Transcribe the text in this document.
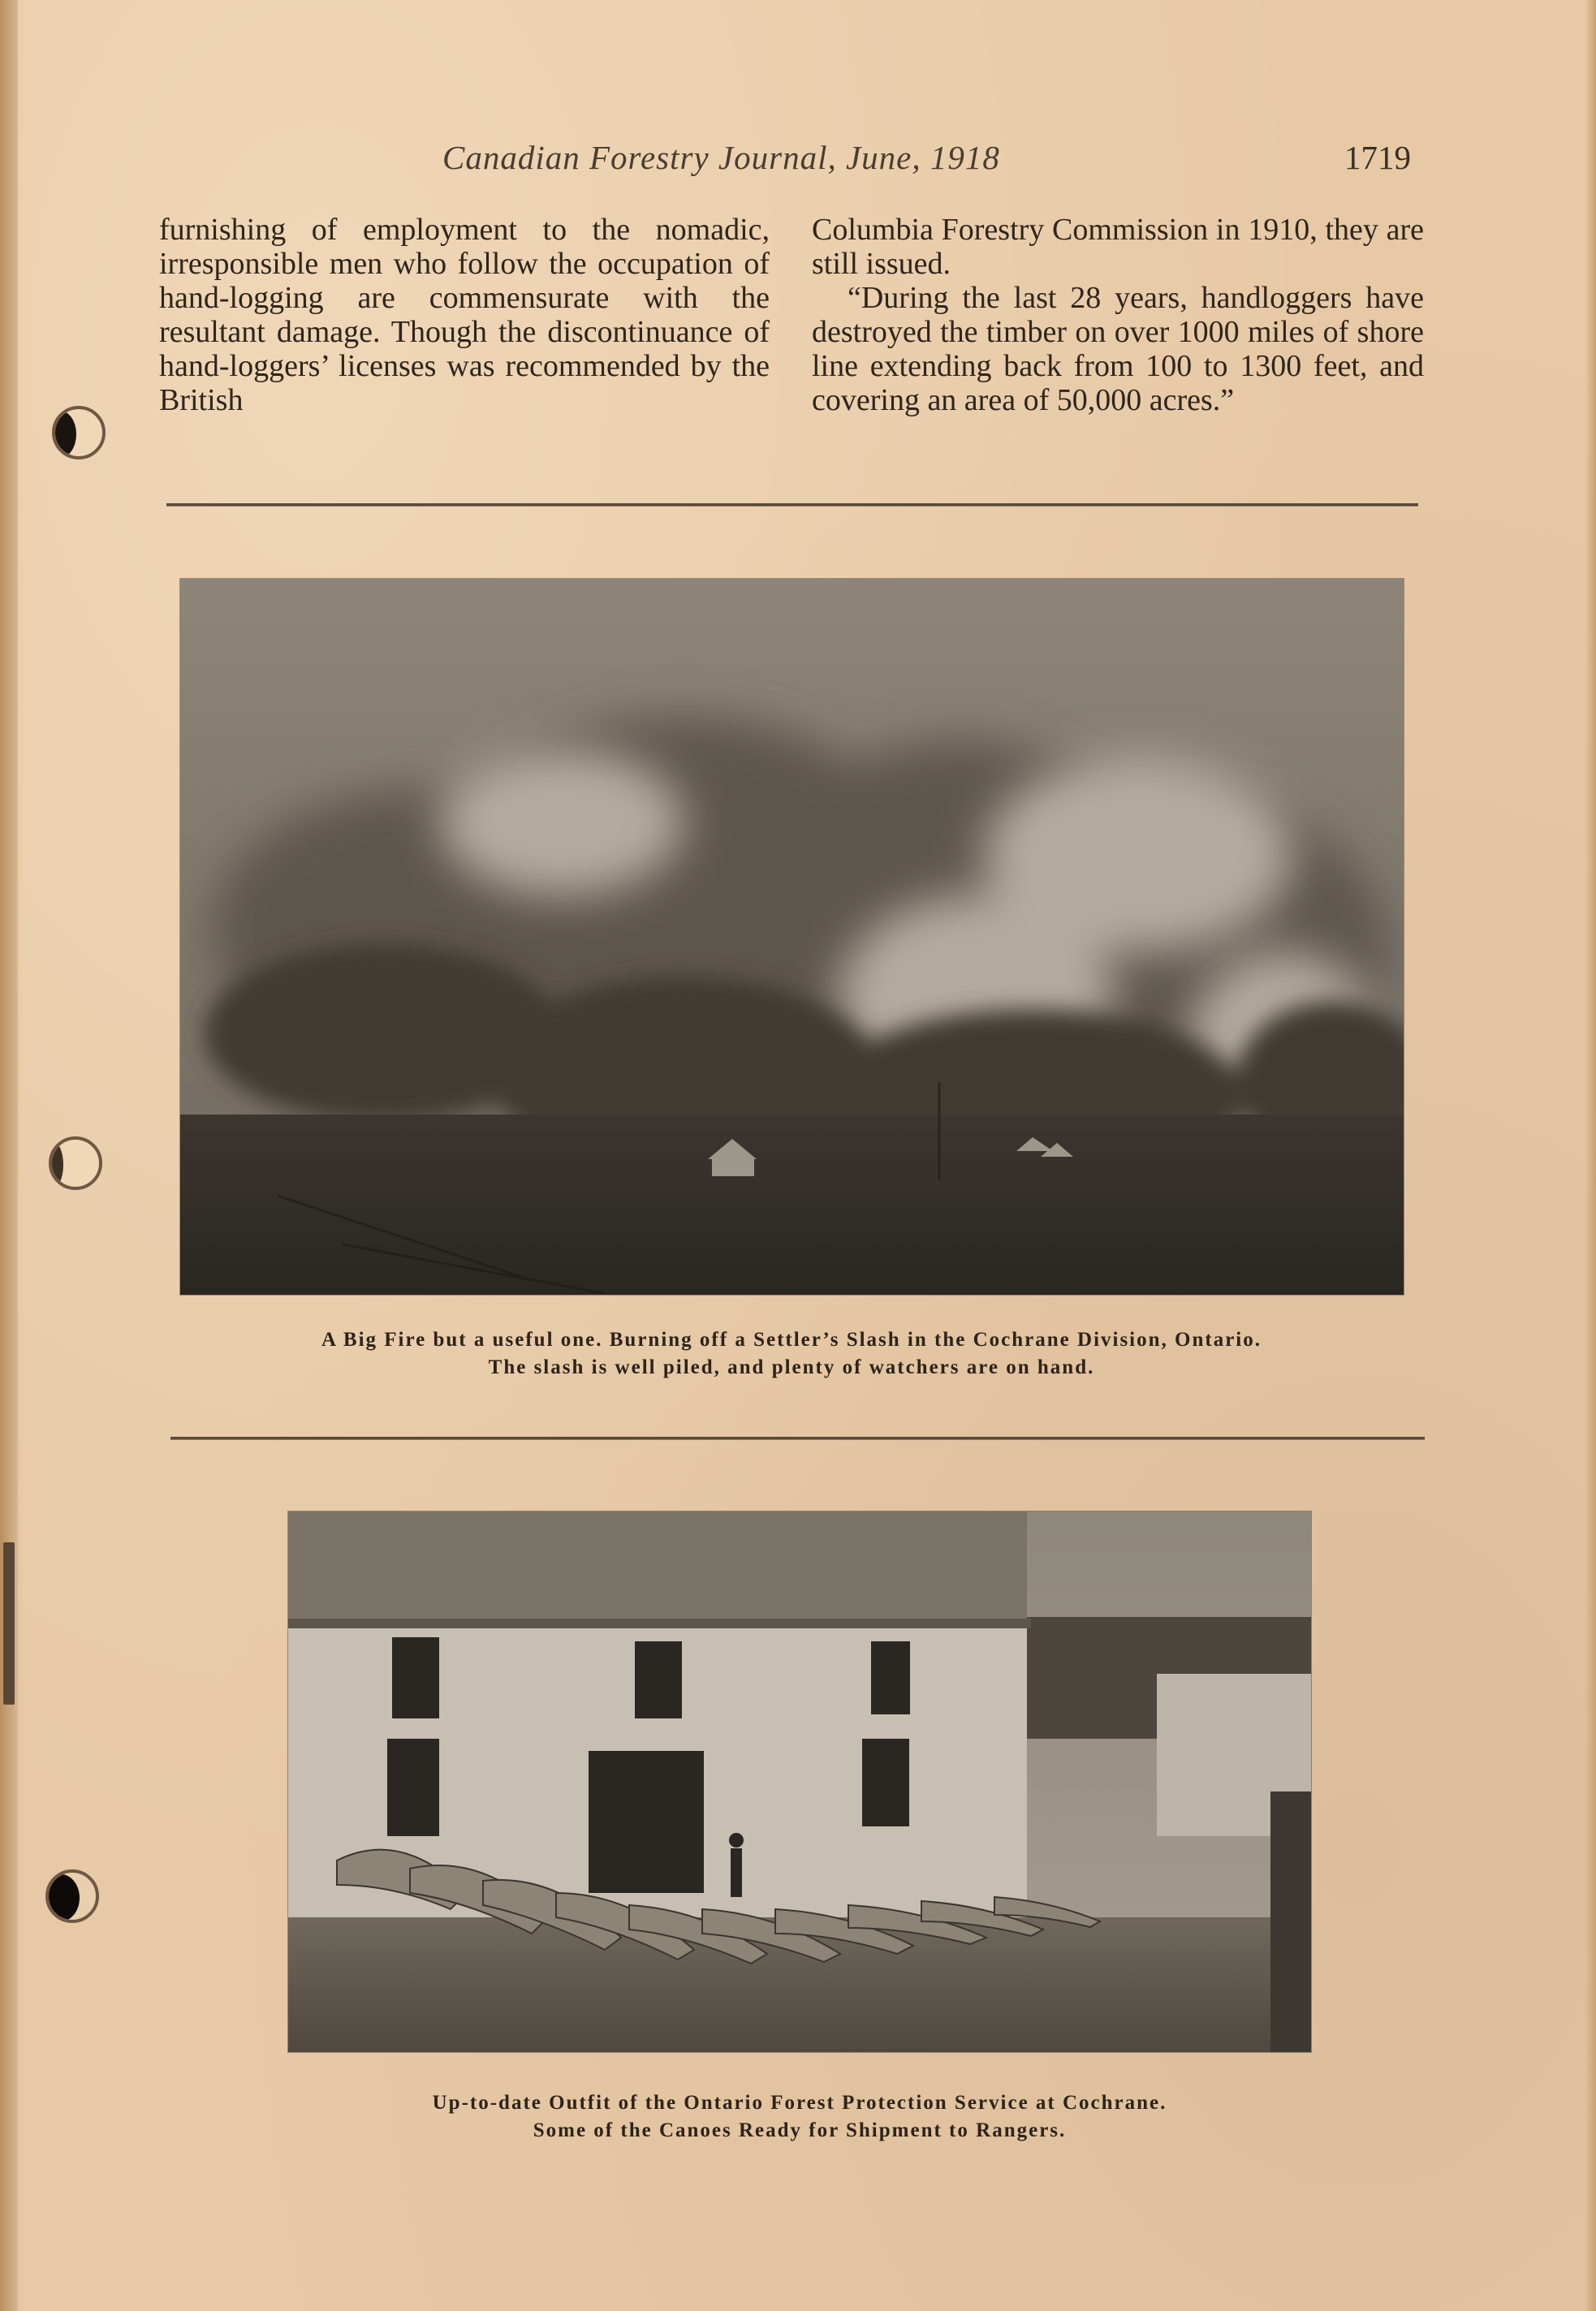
Canadian Forestry Journal, June, 1918	1719

furnishing of employment to the nomadic, irresponsible men who follow the occupation of hand-logging are commensurate with the resultant damage. Though the discontinuance of hand-loggers’ licenses was recommended by the British

Columbia Forestry Commission in 1910, they are still issued.

“During the last 28 years, handloggers have destroyed the timber on over 1000 miles of shore line extending back from 100 to 1300 feet, and covering an area of 50,000 acres.”

A Big Fire but a useful one. Burning off a Settler’s Slash in the Cochrane Division, Ontario.
The slash is well piled, and plenty of watchers are on hand.
Up-to-date Outfit of the Ontario Forest Protection Service at Cochrane.
Some of the Canoes Ready for Shipment to Rangers.
